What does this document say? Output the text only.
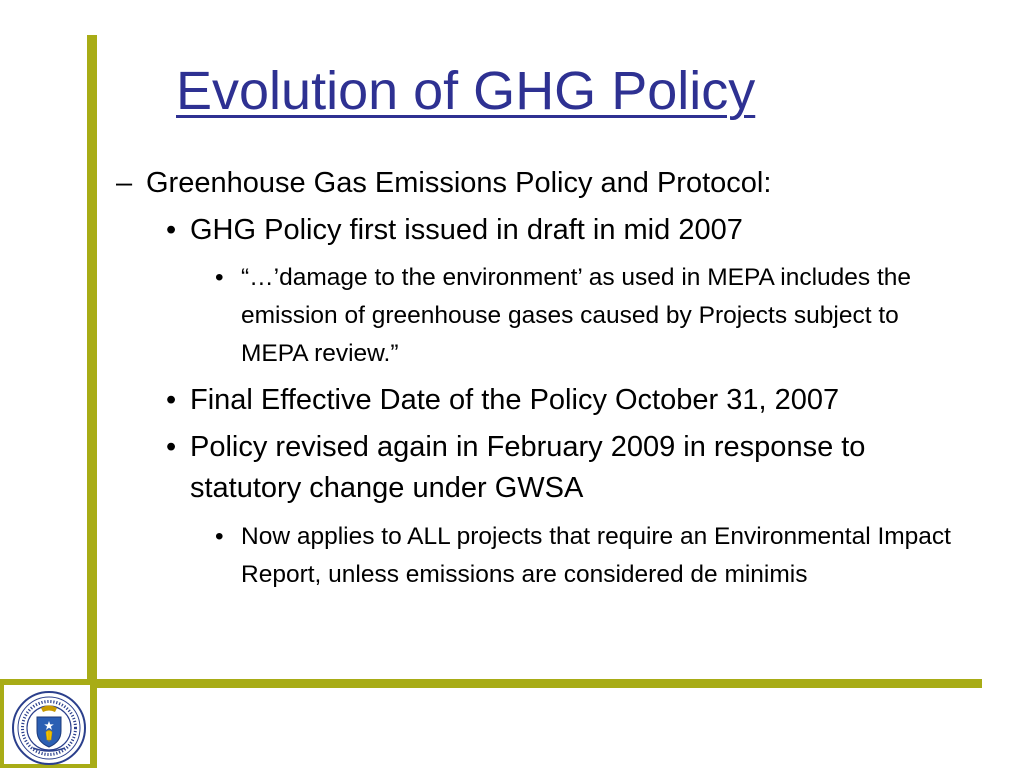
Evolution of GHG Policy
– Greenhouse Gas Emissions Policy and Protocol:
• GHG Policy first issued in draft in mid 2007
• “…’damage to the environment’ as used in MEPA includes the emission of greenhouse gases caused by Projects subject to MEPA review.”
• Final Effective Date of the Policy October 31, 2007
• Policy revised again in February 2009 in response to statutory change under GWSA
• Now applies to ALL projects that require an Environmental Impact Report, unless emissions are considered de minimis
